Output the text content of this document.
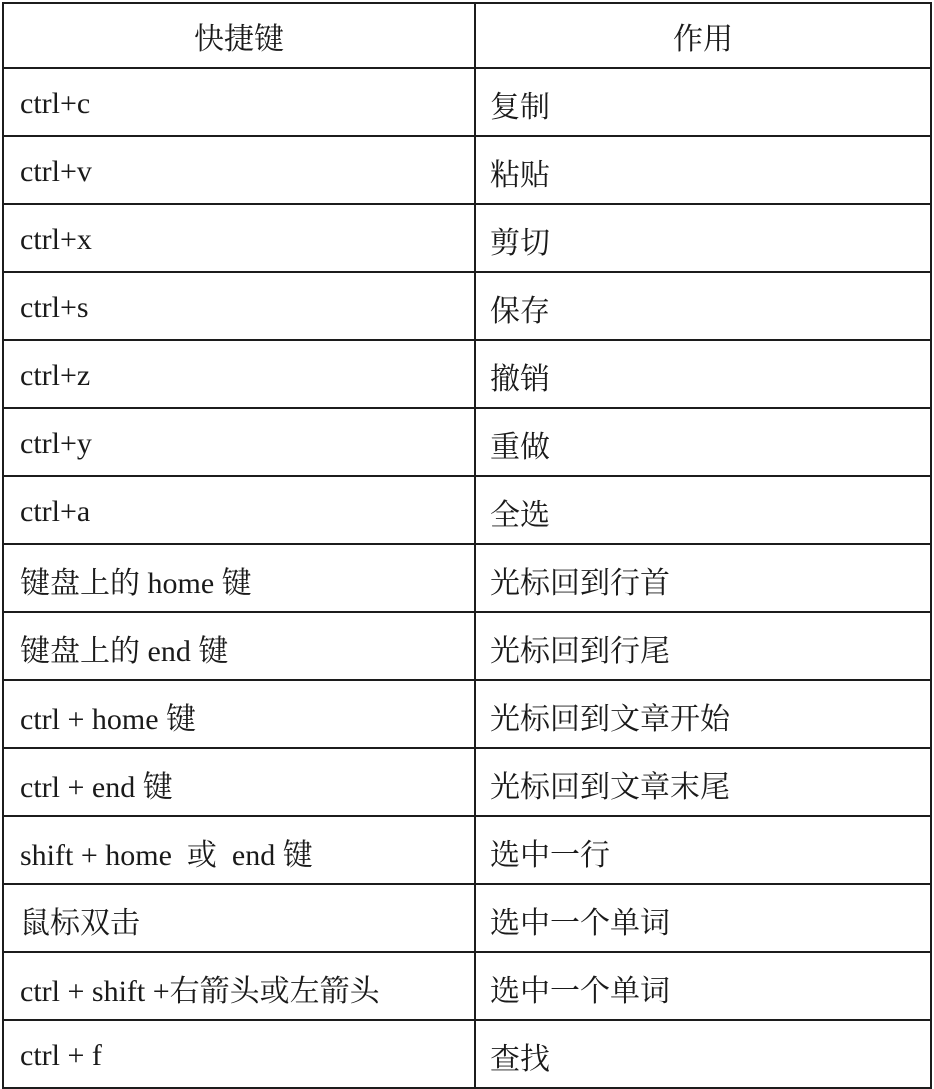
快捷键	作用
ctrl+c	复制
ctrl+v	粘贴
ctrl+x	剪切
ctrl+s	保存
ctrl+z	撤销
ctrl+y	重做
ctrl+a	全选
键盘上的 home 键	光标回到行首
键盘上的 end 键	光标回到行尾
ctrl + home 键	光标回到文章开始
ctrl + end 键	光标回到文章末尾
shift + home  或  end 键	选中一行
鼠标双击	选中一个单词
ctrl + shift +右箭头或左箭头	选中一个单词
ctrl + f	查找
